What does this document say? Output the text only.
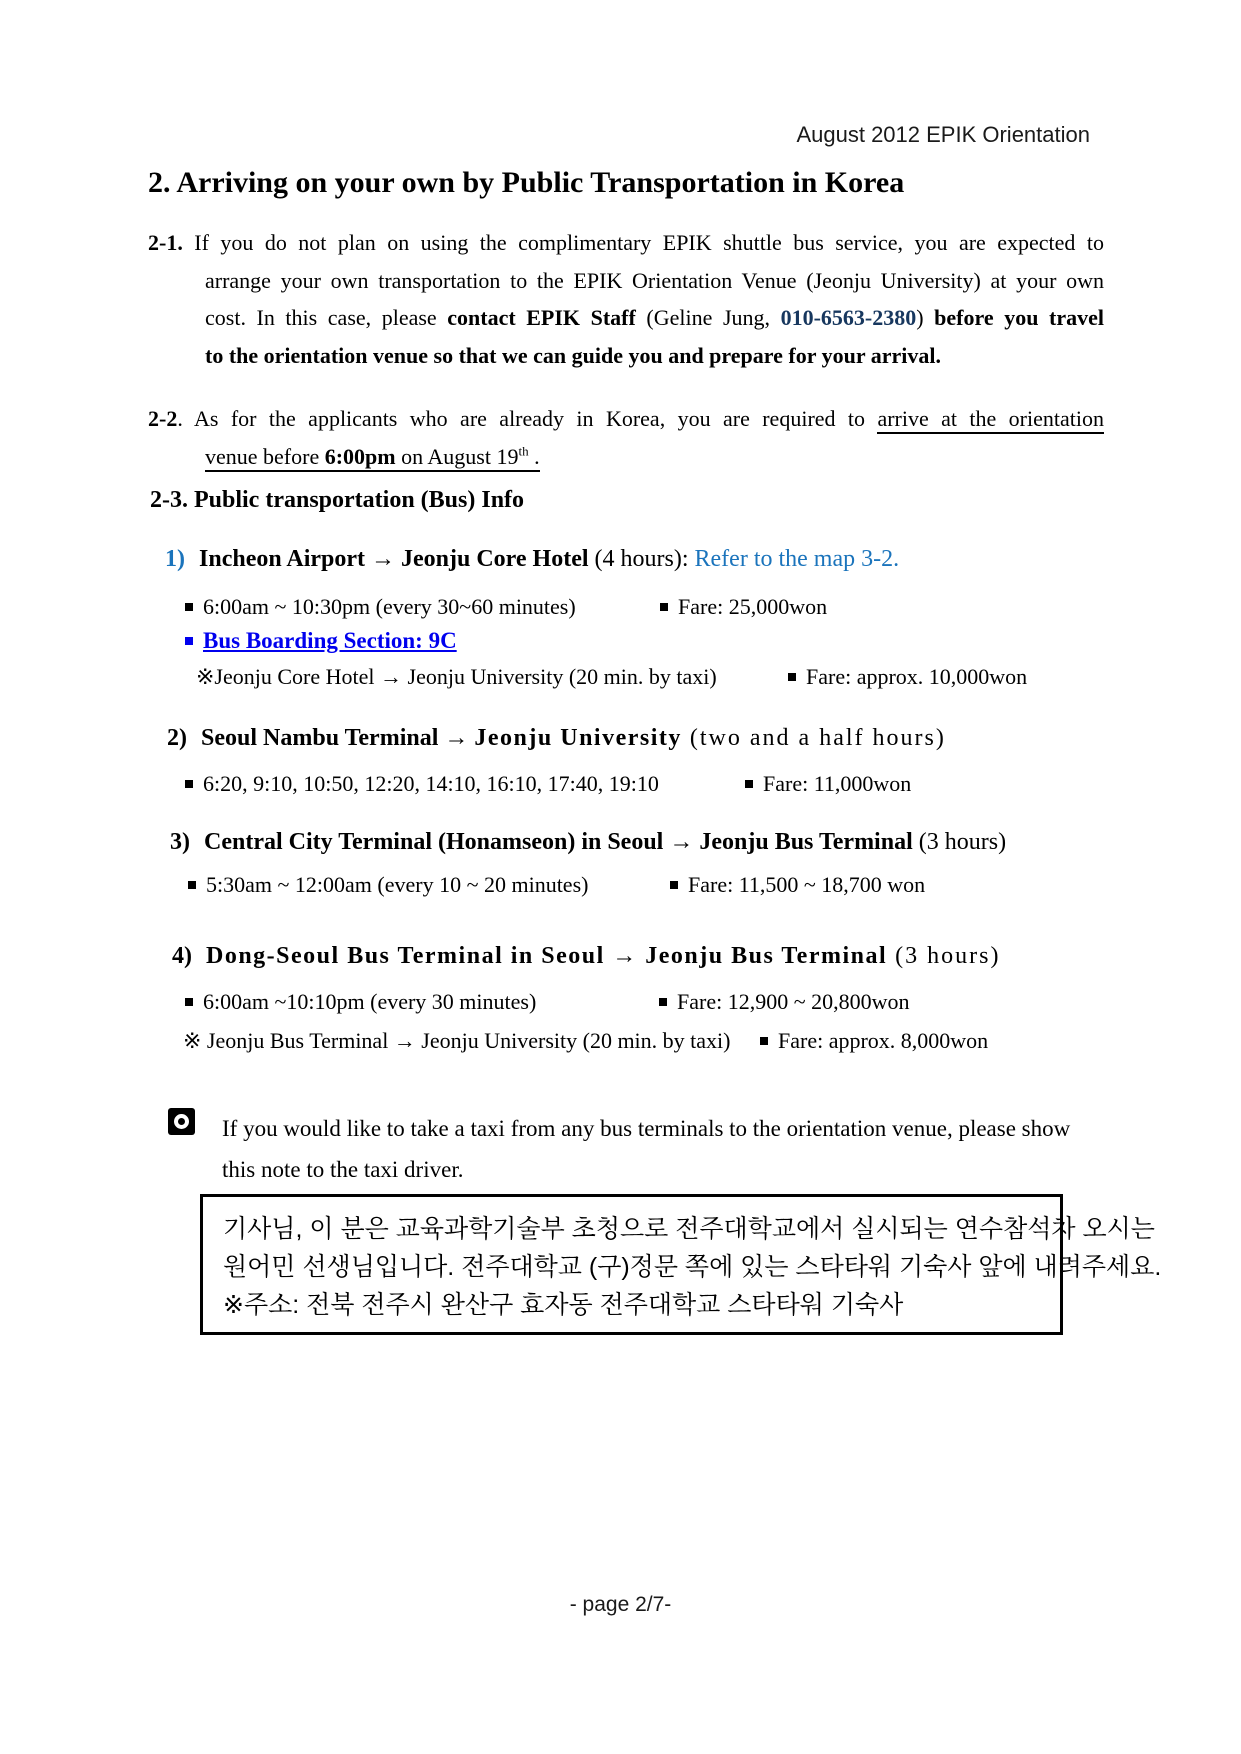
August 2012 EPIK Orientation
2. Arriving on your own by Public Transportation in Korea
2-1. If you do not plan on using the complimentary EPIK shuttle bus service, you are expected to
arrange your own transportation to the EPIK Orientation Venue (Jeonju University) at your own
cost. In this case, please contact EPIK Staff (Geline Jung, 010-6563-2380) before you travel
to the orientation venue so that we can guide you and prepare for your arrival.
2-2. As for the applicants who are already in Korea, you are required to arrive at the orientation
venue before 6:00pm on August 19th .
2-3. Public transportation (Bus) Info
1) Incheon Airport → Jeonju Core Hotel (4 hours): Refer to the map 3-2.
6:00am ~ 10:30pm (every 30~60 minutes)	Fare: 25,000won
Bus Boarding Section: 9C
※Jeonju Core Hotel → Jeonju University (20 min. by taxi)	Fare: approx. 10,000won
2) Seoul Nambu Terminal → Jeonju University (two and a half hours)
6:20, 9:10, 10:50, 12:20, 14:10, 16:10, 17:40, 19:10	Fare: 11,000won
3) Central City Terminal (Honamseon) in Seoul → Jeonju Bus Terminal (3 hours)
5:30am ~ 12:00am (every 10 ~ 20 minutes)	Fare: 11,500 ~ 18,700 won
4) Dong-Seoul Bus Terminal in Seoul → Jeonju Bus Terminal (3 hours)
6:00am ~10:10pm (every 30 minutes)	Fare: 12,900 ~ 20,800won
※ Jeonju Bus Terminal → Jeonju University (20 min. by taxi) Fare: approx. 8,000won
If you would like to take a taxi from any bus terminals to the orientation venue, please show
this note to the taxi driver.
기사님, 이 분은 교육과학기술부 초청으로 전주대학교에서 실시되는 연수참석차 오시는
원어민 선생님입니다. 전주대학교 (구)정문 쪽에 있는 스타타워 기숙사 앞에 내려주세요.
※주소: 전북 전주시 완산구 효자동 전주대학교 스타타워 기숙사
- page 2/7-
